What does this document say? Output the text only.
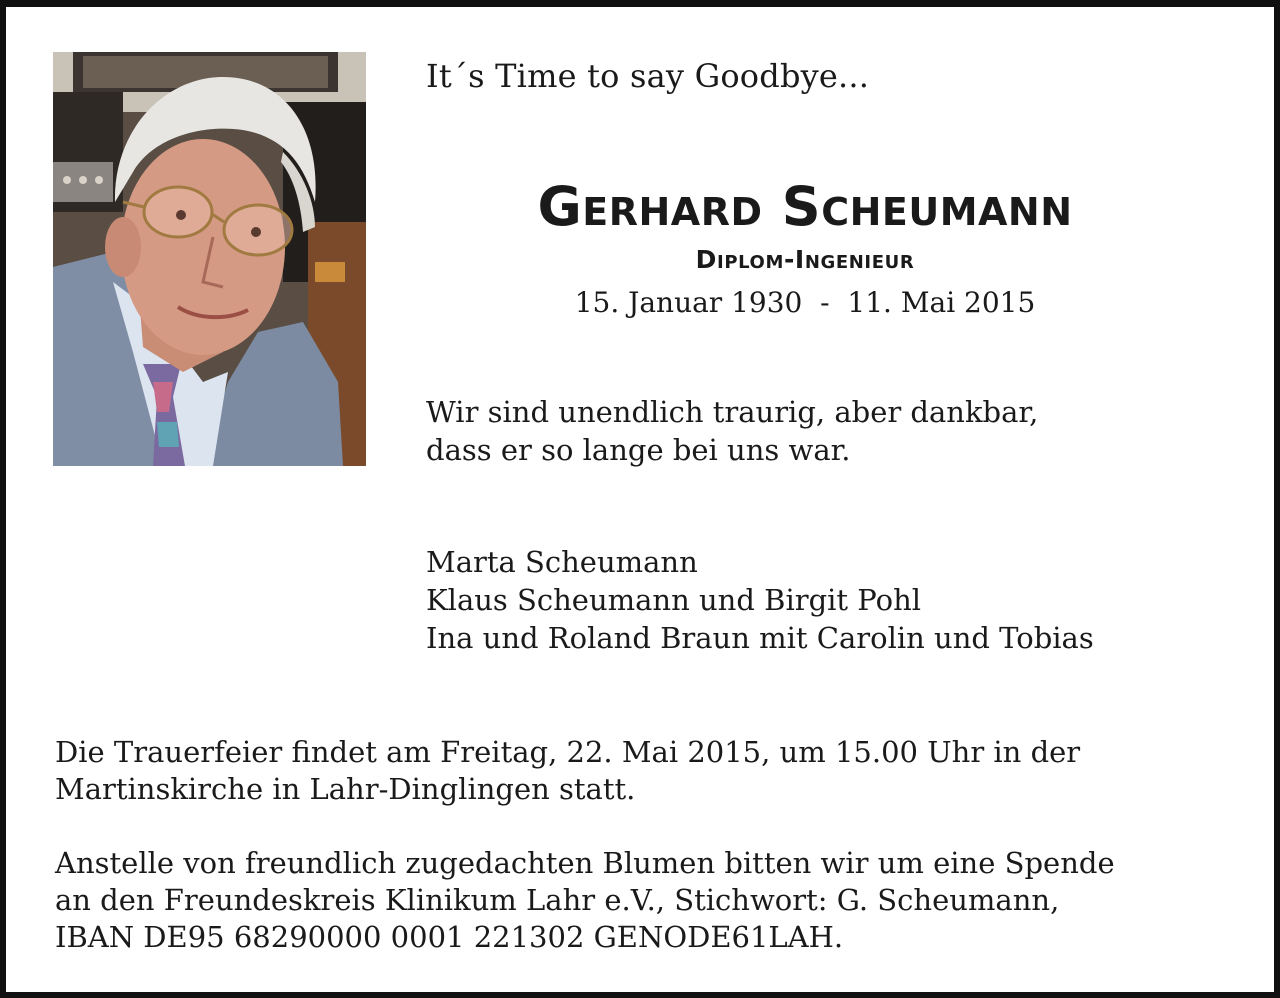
It´s Time to say Goodbye...
Gerhard Scheumann
Diplom-Ingenieur
15. Januar 1930  -  11. Mai 2015
Wir sind unendlich traurig, aber dankbar,
dass er so lange bei uns war.
Marta Scheumann
Klaus Scheumann und Birgit Pohl
Ina und Roland Braun mit Carolin und Tobias
Die Trauerfeier findet am Freitag, 22. Mai 2015, um 15.00 Uhr in der
Martinskirche in Lahr-Dinglingen statt.
Anstelle von freundlich zugedachten Blumen bitten wir um eine Spende
an den Freundeskreis Klinikum Lahr e.V., Stichwort: G. Scheumann,
IBAN DE95 68290000 0001 221302 GENODE61LAH.
